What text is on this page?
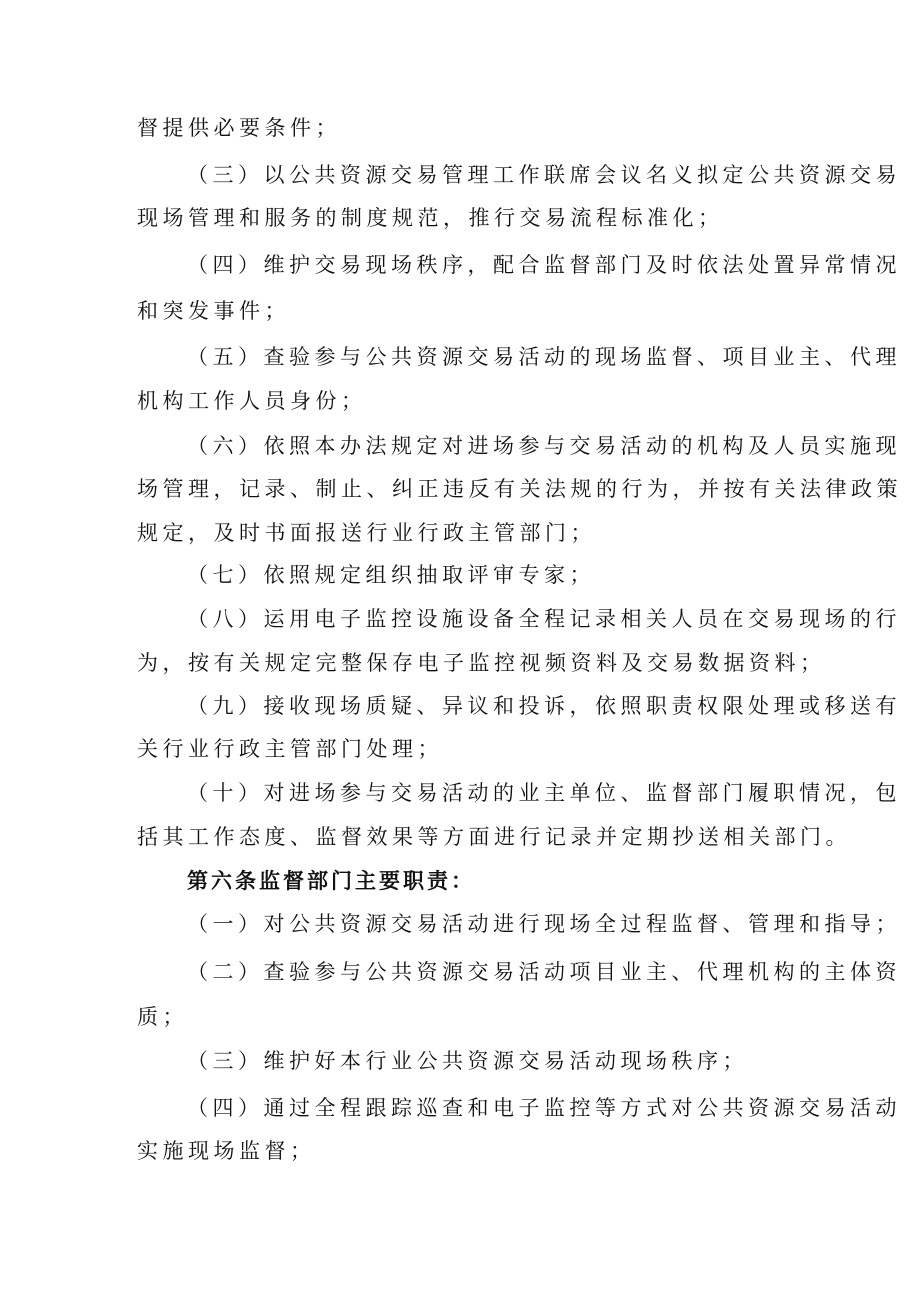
督提供必要条件；
（三）以公共资源交易管理工作联席会议名义拟定公共资源交易
现场管理和服务的制度规范，推行交易流程标准化；
（四）维护交易现场秩序，配合监督部门及时依法处置异常情况
和突发事件；
（五）查验参与公共资源交易活动的现场监督、项目业主、代理
机构工作人员身份；
（六）依照本办法规定对进场参与交易活动的机构及人员实施现
场管理，记录、制止、纠正违反有关法规的行为，并按有关法律政策
规定，及时书面报送行业行政主管部门；
（七）依照规定组织抽取评审专家；
（八）运用电子监控设施设备全程记录相关人员在交易现场的行
为，按有关规定完整保存电子监控视频资料及交易数据资料；
（九）接收现场质疑、异议和投诉，依照职责权限处理或移送有
关行业行政主管部门处理；
（十）对进场参与交易活动的业主单位、监督部门履职情况，包
括其工作态度、监督效果等方面进行记录并定期抄送相关部门。
第六条监督部门主要职责：
（一）对公共资源交易活动进行现场全过程监督、管理和指导；
（二）查验参与公共资源交易活动项目业主、代理机构的主体资
质；
（三）维护好本行业公共资源交易活动现场秩序；
（四）通过全程跟踪巡查和电子监控等方式对公共资源交易活动
实施现场监督；
